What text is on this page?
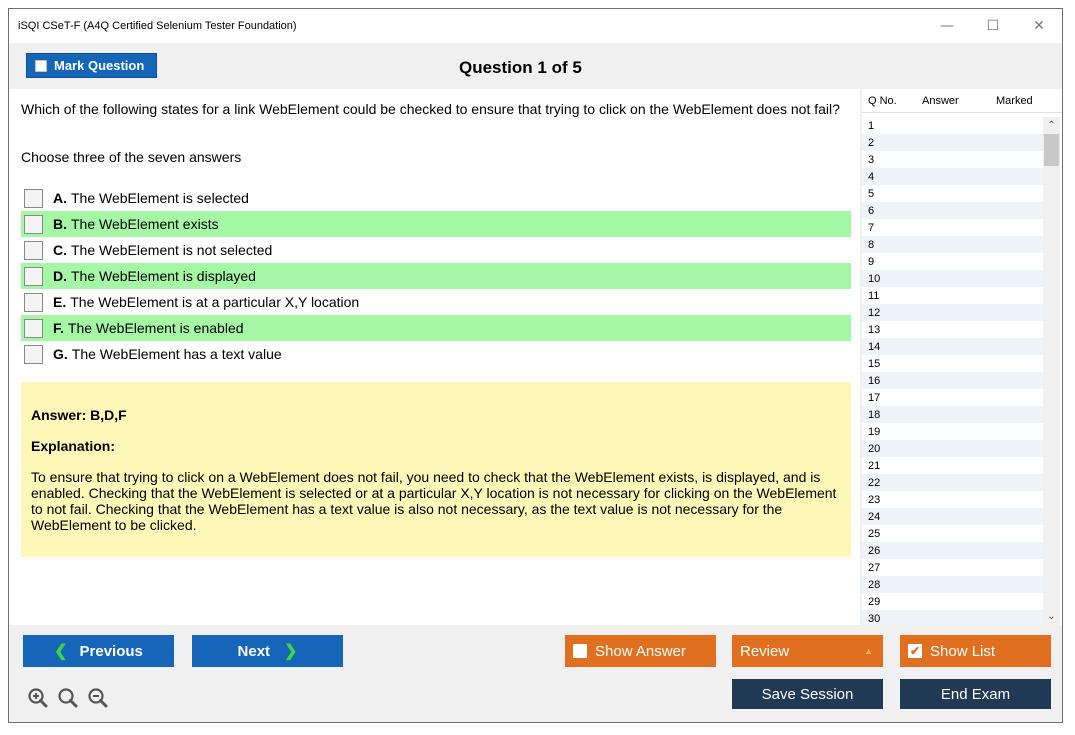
iSQI CSeT-F (A4Q Certified Selenium Tester Foundation)	—	☐	✕
Mark Question	Question 1 of 5
Which of the following states for a link WebElement could be checked to ensure that trying to click on the WebElement does not fail?
Choose three of the seven answers
A. The WebElement is selected
B. The WebElement exists
C. The WebElement is not selected
D. The WebElement is displayed
E. The WebElement is at a particular X,Y location
F. The WebElement is enabled
G. The WebElement has a text value
Answer: B,D,F
Explanation:
To ensure that trying to click on a WebElement does not fail, you need to check that the WebElement exists, is displayed, and is enabled. Checking that the WebElement is selected or at a particular X,Y location is not necessary for clicking on the WebElement to not fail. Checking that the WebElement has a text value is also not necessary, as the text value is not necessary for the WebElement to be clicked.
Q No.	Answer	Marked
1
2
3
4
5
6
7
8
9
10
11
12
13
14
15
16
17
18
19
20
21
22
23
24
25
26
27
28
29
30
⌃
⌄
❮ Previous	Next ❯	Show Answer	Review	▲	✔ Show List
Save Session	End Exam
